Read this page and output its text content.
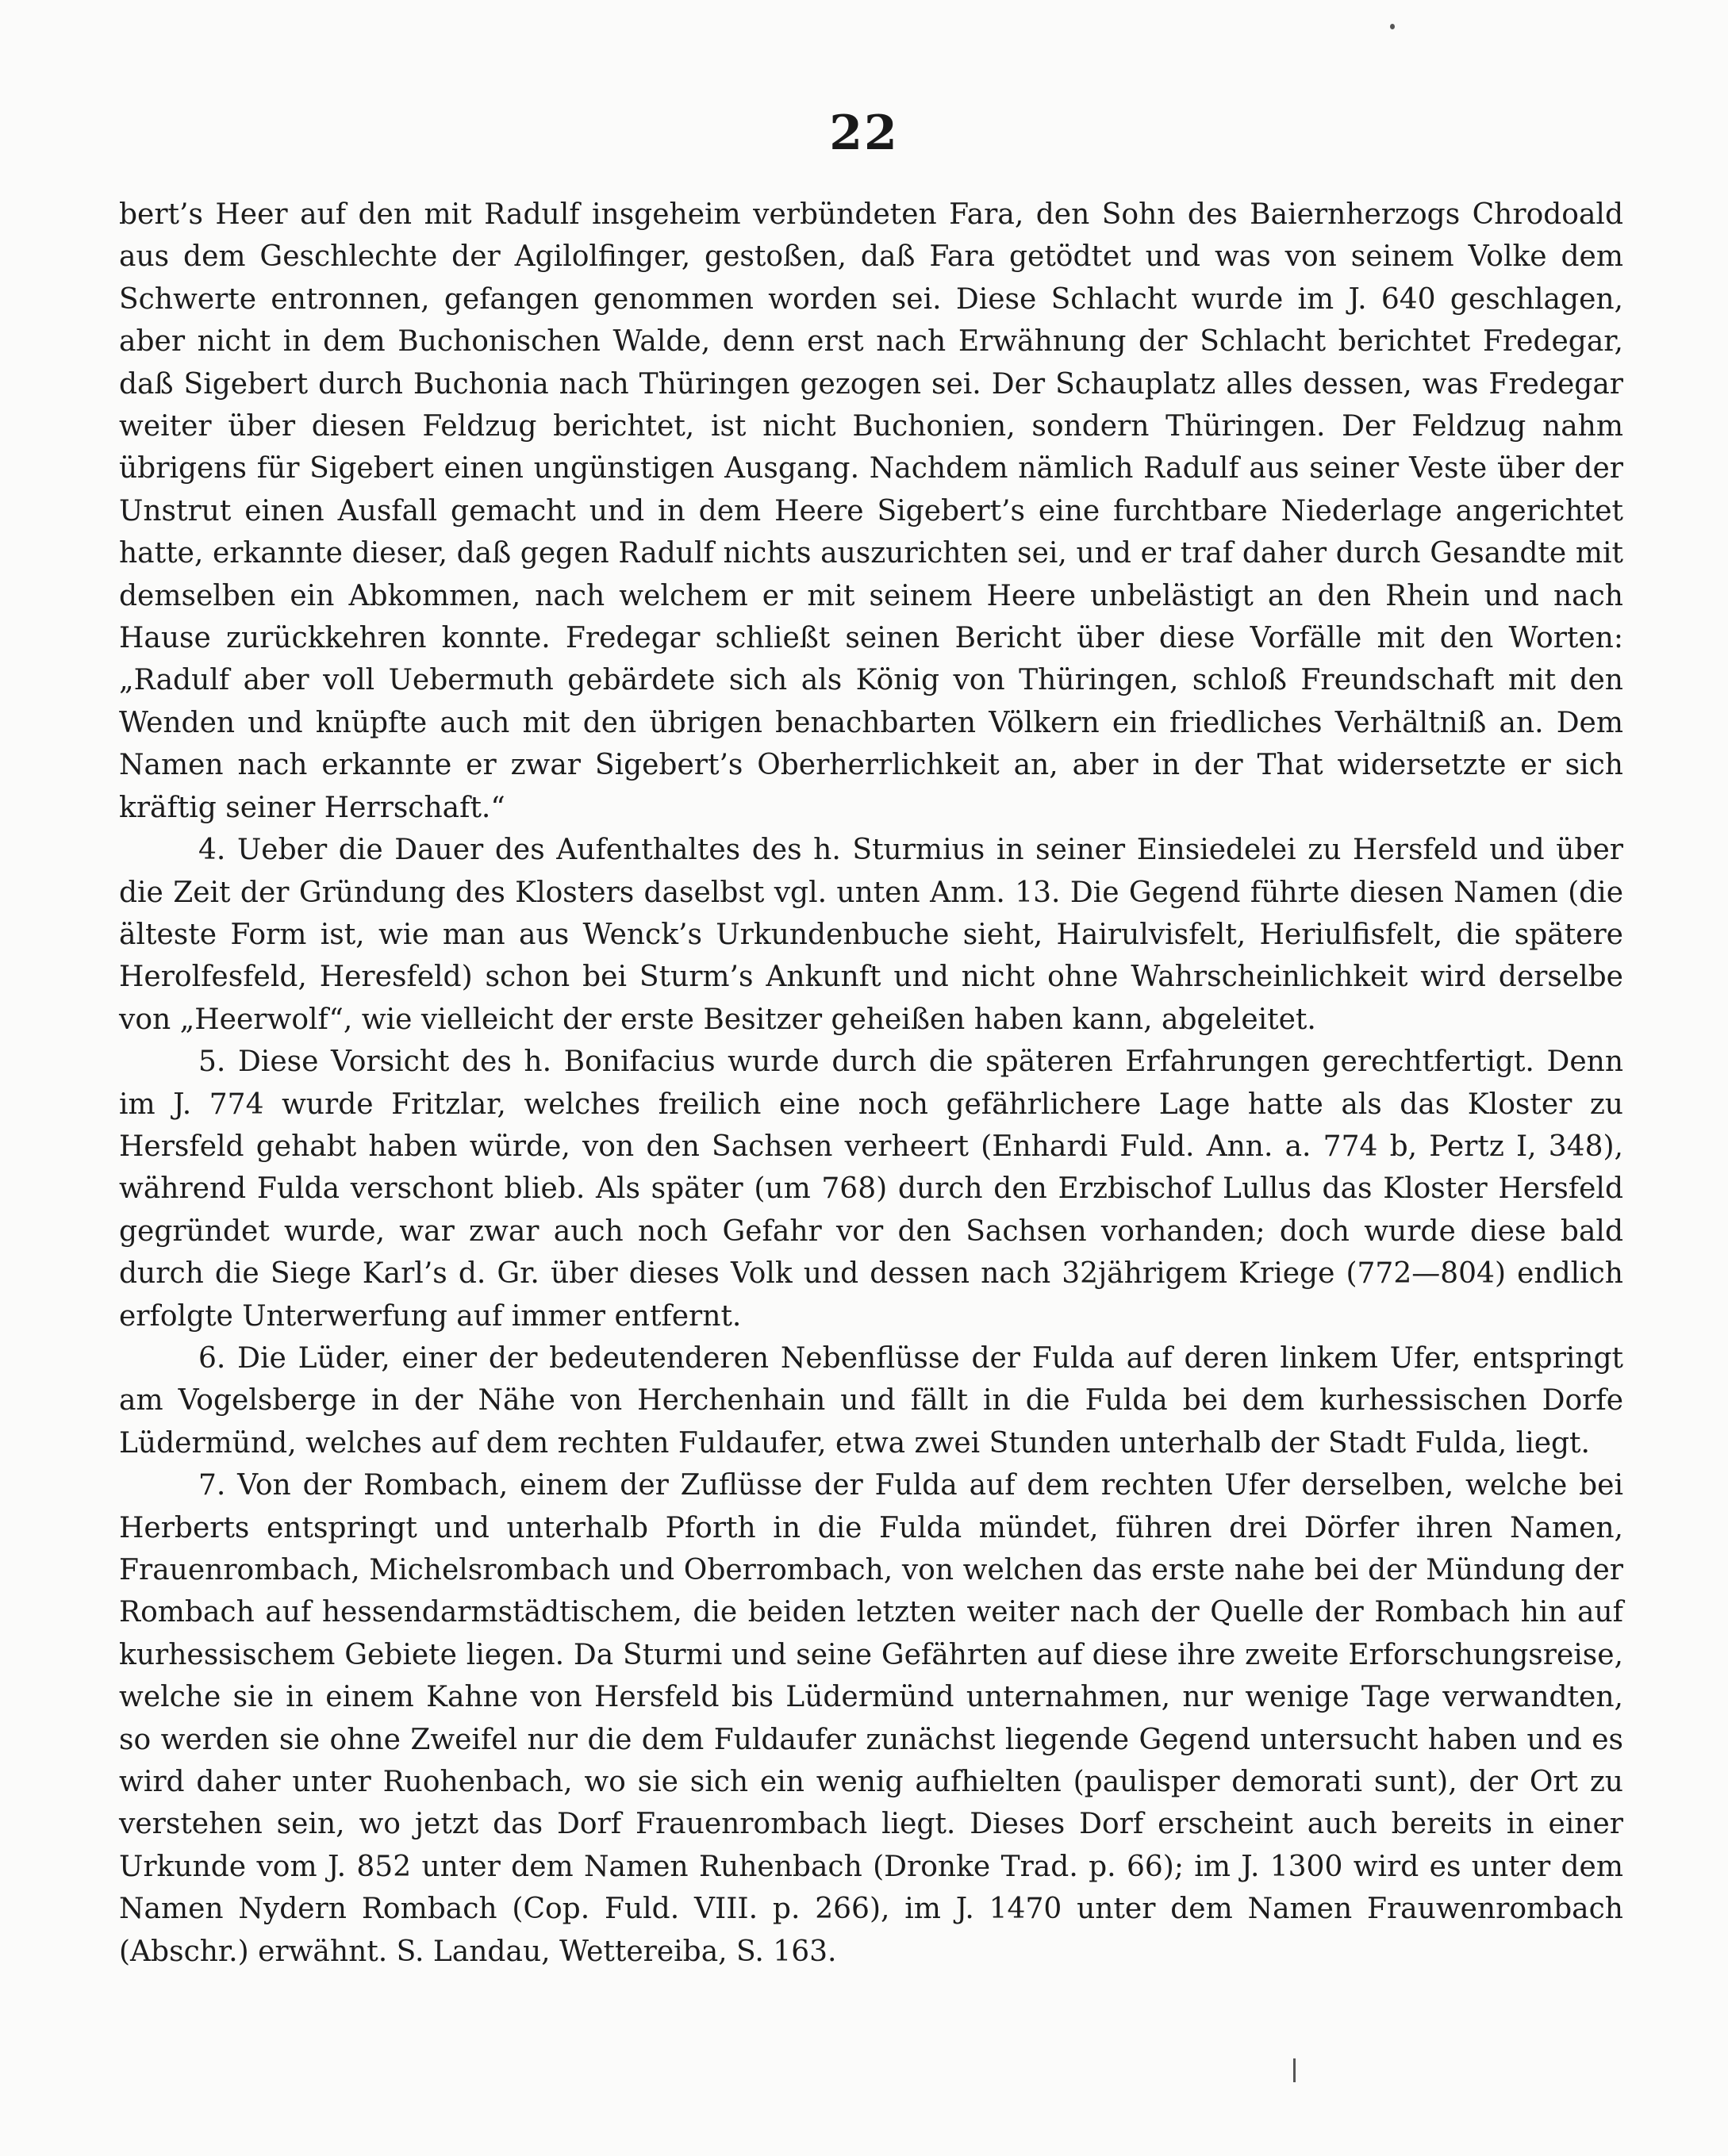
22

bert’s Heer auf den mit Radulf insgeheim verbündeten Fara, den Sohn des Baiernherzogs Chrodoald aus dem Geschlechte der Agilolfinger, gestoßen, daß Fara getödtet und was von seinem Volke dem Schwerte entronnen, gefangen genommen worden sei. Diese Schlacht wurde im J. 640 geschlagen, aber nicht in dem Buchonischen Walde, denn erst nach Erwähnung der Schlacht berichtet Fredegar, daß Sigebert durch Buchonia nach Thüringen gezogen sei. Der Schauplatz alles dessen, was Fredegar weiter über diesen Feldzug berichtet, ist nicht Buchonien, sondern Thüringen. Der Feldzug nahm übrigens für Sigebert einen ungünstigen Ausgang. Nachdem nämlich Radulf aus seiner Veste über der Unstrut einen Ausfall gemacht und in dem Heere Sigebert’s eine furchtbare Niederlage angerichtet hatte, erkannte dieser, daß gegen Radulf nichts auszurichten sei, und er traf daher durch Gesandte mit demselben ein Abkommen, nach welchem er mit seinem Heere unbelästigt an den Rhein und nach Hause zurückkehren konnte. Fredegar schließt seinen Bericht über diese Vorfälle mit den Worten: „Radulf aber voll Uebermuth gebärdete sich als König von Thüringen, schloß Freundschaft mit den Wenden und knüpfte auch mit den übrigen benachbarten Völkern ein friedliches Verhältniß an. Dem Namen nach erkannte er zwar Sigebert’s Oberherrlichkeit an, aber in der That widersetzte er sich kräftig seiner Herrschaft.“

4. Ueber die Dauer des Aufenthaltes des h. Sturmius in seiner Einsiedelei zu Hersfeld und über die Zeit der Gründung des Klosters daselbst vgl. unten Anm. 13. Die Gegend führte diesen Namen (die älteste Form ist, wie man aus Wenck’s Urkundenbuche sieht, Hairulvisfelt, Heriulfisfelt, die spätere Herolfesfeld, Heresfeld) schon bei Sturm’s Ankunft und nicht ohne Wahrscheinlichkeit wird derselbe von „Heerwolf“, wie vielleicht der erste Besitzer geheißen haben kann, abgeleitet.

5. Diese Vorsicht des h. Bonifacius wurde durch die späteren Erfahrungen gerechtfertigt. Denn im J. 774 wurde Fritzlar, welches freilich eine noch gefährlichere Lage hatte als das Kloster zu Hersfeld gehabt haben würde, von den Sachsen verheert (Enhardi Fuld. Ann. a. 774 b, Pertz I, 348), während Fulda verschont blieb. Als später (um 768) durch den Erzbischof Lullus das Kloster Hersfeld gegründet wurde, war zwar auch noch Gefahr vor den Sachsen vorhanden; doch wurde diese bald durch die Siege Karl’s d. Gr. über dieses Volk und dessen nach 32jährigem Kriege (772—804) endlich erfolgte Unterwerfung auf immer entfernt.

6. Die Lüder, einer der bedeutenderen Nebenflüsse der Fulda auf deren linkem Ufer, entspringt am Vogelsberge in der Nähe von Herchenhain und fällt in die Fulda bei dem kurhessischen Dorfe Lüdermünd, welches auf dem rechten Fuldaufer, etwa zwei Stunden unterhalb der Stadt Fulda, liegt.

7. Von der Rombach, einem der Zuflüsse der Fulda auf dem rechten Ufer derselben, welche bei Herberts entspringt und unterhalb Pforth in die Fulda mündet, führen drei Dörfer ihren Namen, Frauenrombach, Michelsrombach und Oberrombach, von welchen das erste nahe bei der Mündung der Rombach auf hessendarmstädtischem, die beiden letzten weiter nach der Quelle der Rombach hin auf kurhessischem Gebiete liegen. Da Sturmi und seine Gefährten auf diese ihre zweite Erforschungsreise, welche sie in einem Kahne von Hersfeld bis Lüdermünd unternahmen, nur wenige Tage verwandten, so werden sie ohne Zweifel nur die dem Fuldaufer zunächst liegende Gegend untersucht haben und es wird daher unter Ruohenbach, wo sie sich ein wenig aufhielten (paulisper demorati sunt), der Ort zu verstehen sein, wo jetzt das Dorf Frauenrombach liegt. Dieses Dorf erscheint auch bereits in einer Urkunde vom J. 852 unter dem Namen Ruhenbach (Dronke Trad. p. 66); im J. 1300 wird es unter dem Namen Nydern Rombach (Cop. Fuld. VIII. p. 266), im J. 1470 unter dem Namen Frauwenrombach (Abschr.) erwähnt. S. Landau, Wettereiba, S. 163.
